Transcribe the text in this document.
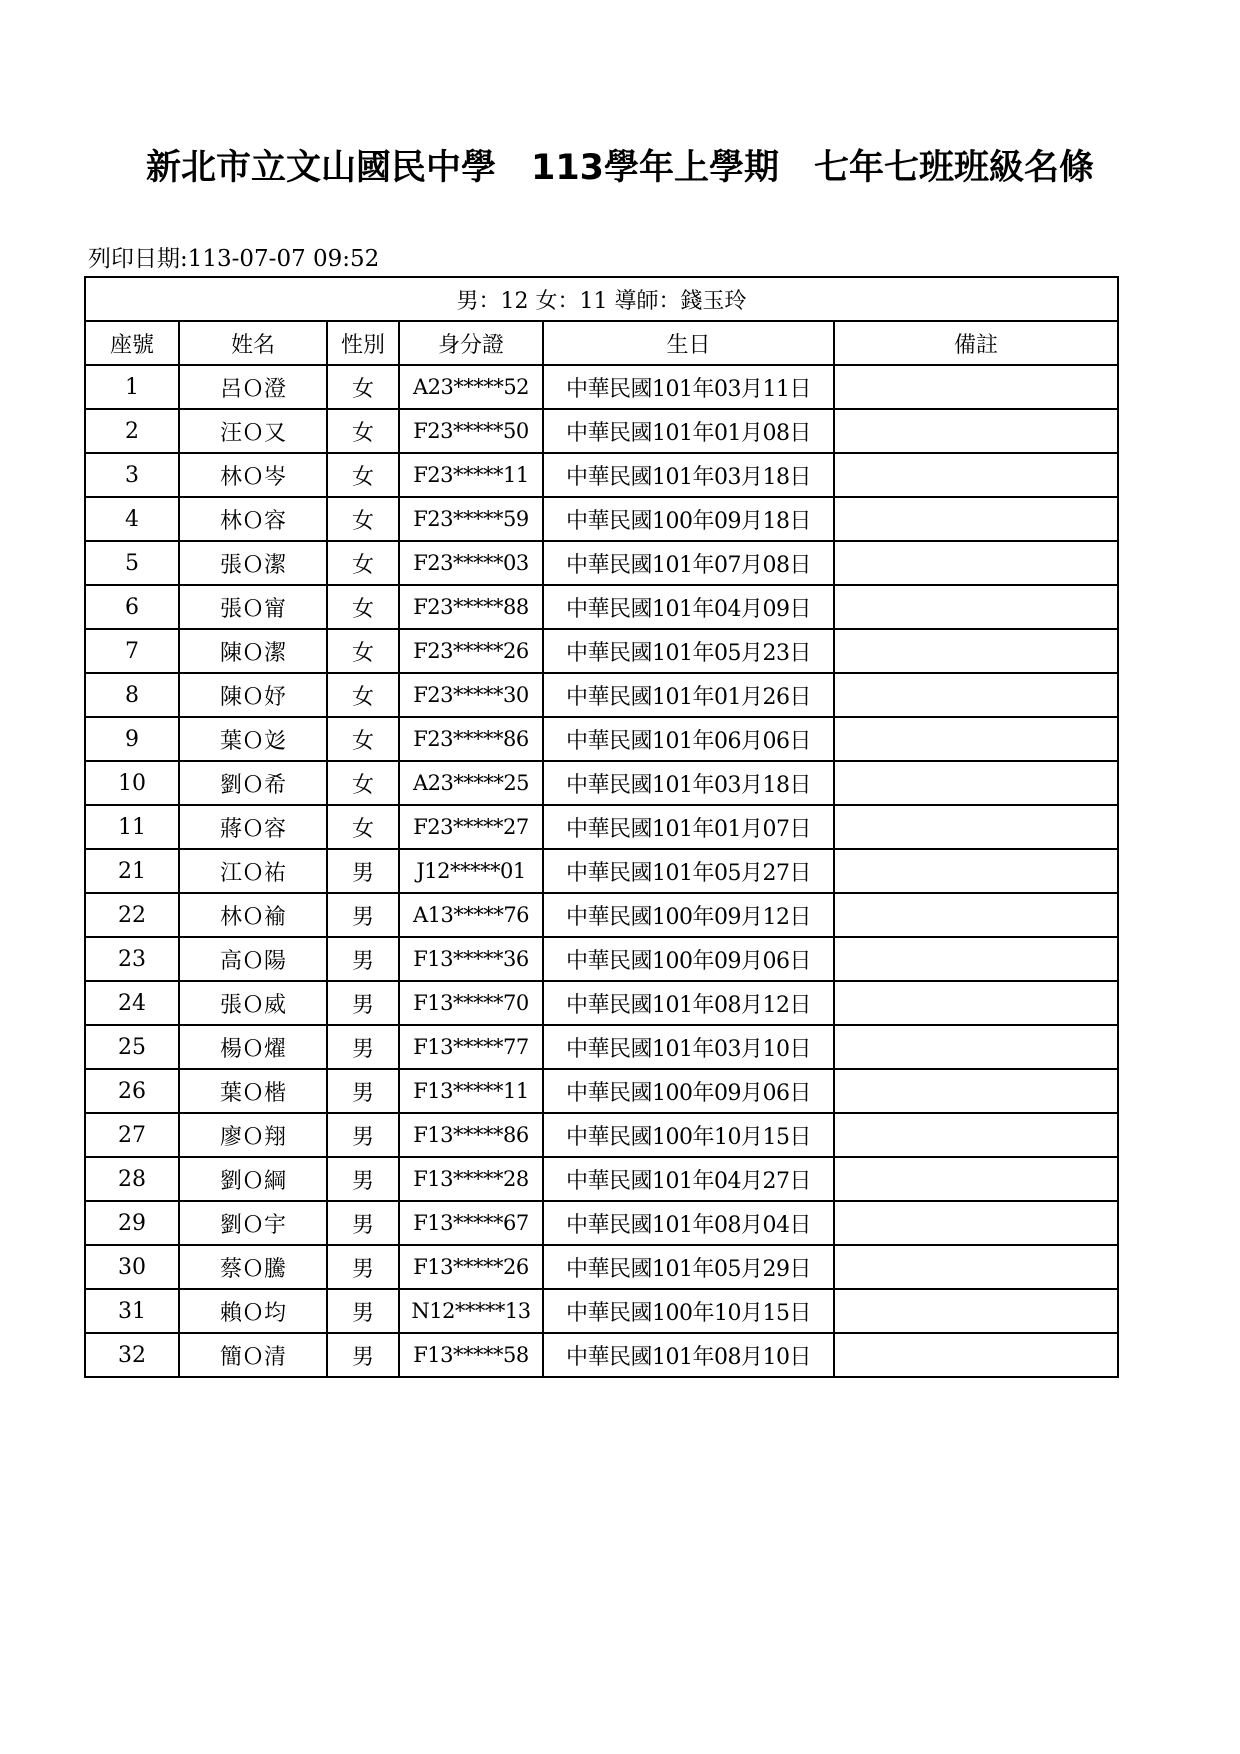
新北市立文山國民中學　113學年上學期　七年七班班級名條
列印日期:113-07-07 09:52
男：12 女：11 導師：錢玉玲					
座號	姓名	性別	身分證	生日	備註
1	呂Ｏ澄	女	A23*****52	中華民國101年03月11日	
2	汪Ｏ又	女	F23*****50	中華民國101年01月08日	
3	林Ｏ岑	女	F23*****11	中華民國101年03月18日	
4	林Ｏ容	女	F23*****59	中華民國100年09月18日	
5	張Ｏ潔	女	F23*****03	中華民國101年07月08日	
6	張Ｏ甯	女	F23*****88	中華民國101年04月09日	
7	陳Ｏ潔	女	F23*****26	中華民國101年05月23日	
8	陳Ｏ妤	女	F23*****30	中華民國101年01月26日	
9	葉Ｏ彣	女	F23*****86	中華民國101年06月06日	
10	劉Ｏ希	女	A23*****25	中華民國101年03月18日	
11	蔣Ｏ容	女	F23*****27	中華民國101年01月07日	
21	江Ｏ祐	男	J12*****01	中華民國101年05月27日	
22	林Ｏ褕	男	A13*****76	中華民國100年09月12日	
23	高Ｏ陽	男	F13*****36	中華民國100年09月06日	
24	張Ｏ威	男	F13*****70	中華民國101年08月12日	
25	楊Ｏ燿	男	F13*****77	中華民國101年03月10日	
26	葉Ｏ楷	男	F13*****11	中華民國100年09月06日	
27	廖Ｏ翔	男	F13*****86	中華民國100年10月15日	
28	劉Ｏ綱	男	F13*****28	中華民國101年04月27日	
29	劉Ｏ宇	男	F13*****67	中華民國101年08月04日	
30	蔡Ｏ騰	男	F13*****26	中華民國101年05月29日	
31	賴Ｏ均	男	N12*****13	中華民國100年10月15日	
32	簡Ｏ清	男	F13*****58	中華民國101年08月10日	
